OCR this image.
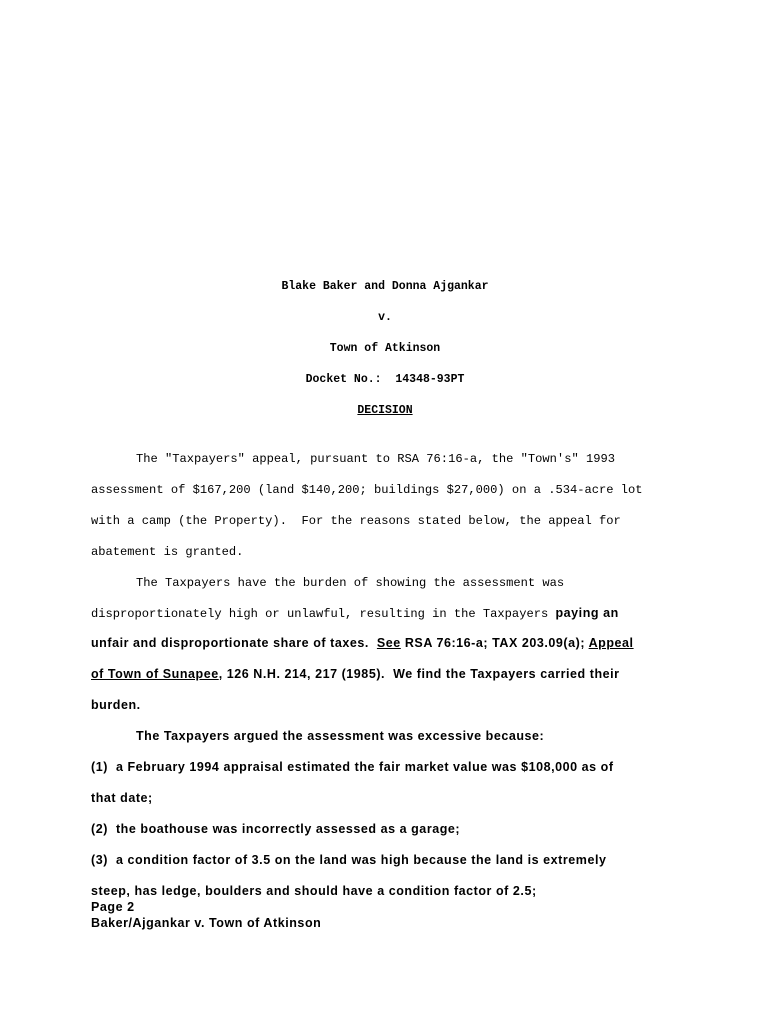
Blake Baker and Donna Ajgankar
v.
Town of Atkinson
Docket No.: 14348-93PT
DECISION
The "Taxpayers" appeal, pursuant to RSA 76:16-a, the "Town's" 1993
assessment of $167,200 (land $140,200; buildings $27,000) on a .534-acre lot
with a camp (the Property).  For the reasons stated below, the appeal for
abatement is granted.
The Taxpayers have the burden of showing the assessment was
disproportionately high or unlawful, resulting in the Taxpayers paying an
unfair and disproportionate share of taxes.  See RSA 76:16-a; TAX 203.09(a); Appeal
of Town of Sunapee, 126 N.H. 214, 217 (1985).  We find the Taxpayers carried their
burden.
The Taxpayers argued the assessment was excessive because:
(1)  a February 1994 appraisal estimated the fair market value was $108,000 as of
that date;
(2)  the boathouse was incorrectly assessed as a garage;
(3)  a condition factor of 3.5 on the land was high because the land is extremely
steep, has ledge, boulders and should have a condition factor of 2.5;
Page 2
Baker/Ajgankar v. Town of Atkinson
